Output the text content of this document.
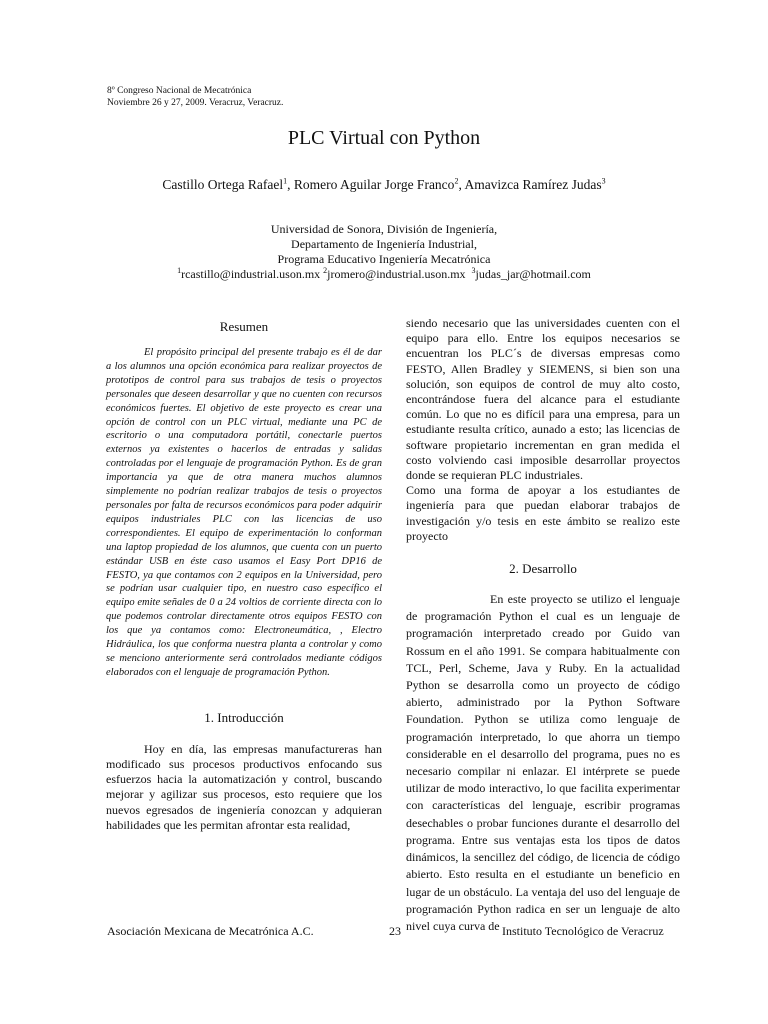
8º Congreso Nacional de Mecatrónica
Noviembre 26 y 27, 2009. Veracruz, Veracruz.
PLC Virtual con Python
Castillo Ortega Rafael$^1$, Romero Aguilar Jorge Franco$^2$, Amavizca Ramírez Judas$^3$
Universidad de Sonora, División de Ingeniería,
Departamento de Ingeniería Industrial,
Programa Educativo Ingeniería Mecatrónica
$^1$rcastillo@industrial.uson.mx $^2$jromero@industrial.uson.mx $^3$judas_jar@hotmail.com
Resumen

El propósito principal del presente trabajo es él de dar a los alumnos una opción económica para realizar proyectos de prototipos de control para sus trabajos de tesis o proyectos personales que deseen desarrollar y que no cuenten con recursos económicos fuertes. El objetivo de este proyecto es crear una opción de control con un PLC virtual, mediante una PC de escritorio o una computadora portátil, conectarle puertos externos ya existentes o hacerlos de entradas y salidas controladas por el lenguaje de programación Python. Es de gran importancia ya que de otra manera muchos alumnos simplemente no podrían realizar trabajos de tesis o proyectos personales por falta de recursos económicos para poder adquirir equipos industriales PLC con las licencias de uso correspondientes. El equipo de experimentación lo conforman una laptop propiedad de los alumnos, que cuenta con un puerto estándar USB en éste caso usamos el Easy Port DP16 de FESTO, ya que contamos con 2 equipos en la Universidad, pero se podrían usar cualquier tipo, en nuestro caso específico el equipo emite señales de 0 a 24 voltios de corriente directa con lo que podemos controlar directamente otros equipos FESTO con los que ya contamos como: Electroneumática, , Electro Hidráulica, los que conforma nuestra planta a controlar y como se menciono anteriormente será controlados mediante códigos elaborados con el lenguaje de programación Python.

1. Introducción

Hoy en día, las empresas manufactureras han modificado sus procesos productivos enfocando sus esfuerzos hacia la automatización y control, buscando mejorar y agilizar sus procesos, esto requiere que los nuevos egresados de ingeniería conozcan y adquieran habilidades que les permitan afrontar esta realidad,

siendo necesario que las universidades cuenten con el equipo para ello. Entre los equipos necesarios se encuentran los PLC´s de diversas empresas como FESTO, Allen Bradley y SIEMENS, si bien son una solución, son equipos de control de muy alto costo, encontrándose fuera del alcance para el estudiante común. Lo que no es difícil para una empresa, para un estudiante resulta crítico, aunado a esto; las licencias de software propietario incrementan en gran medida el costo volviendo casi imposible desarrollar proyectos donde se requieran PLC industriales.

Como una forma de apoyar a los estudiantes de ingeniería para que puedan elaborar trabajos de investigación y/o tesis en este ámbito se realizo este proyecto

2. Desarrollo

En este proyecto se utilizo el lenguaje de programación Python el cual es un lenguaje de programación interpretado creado por Guido van Rossum en el año 1991. Se compara habitualmente con TCL, Perl, Scheme, Java y Ruby. En la actualidad Python se desarrolla como un proyecto de código abierto, administrado por la Python Software Foundation. Python se utiliza como lenguaje de programación interpretado, lo que ahorra un tiempo considerable en el desarrollo del programa, pues no es necesario compilar ni enlazar. El intérprete se puede utilizar de modo interactivo, lo que facilita experimentar con características del lenguaje, escribir programas desechables o probar funciones durante el desarrollo del programa. Entre sus ventajas esta los tipos de datos dinámicos, la sencillez del código, de licencia de código abierto. Esto resulta en el estudiante un beneficio en lugar de un obstáculo. La ventaja del uso del lenguaje de programación Python radica en ser un lenguaje de alto nivel cuya curva de

Asociación Mexicana de Mecatrónica A.C.	23	Instituto Tecnológico de Veracruz
